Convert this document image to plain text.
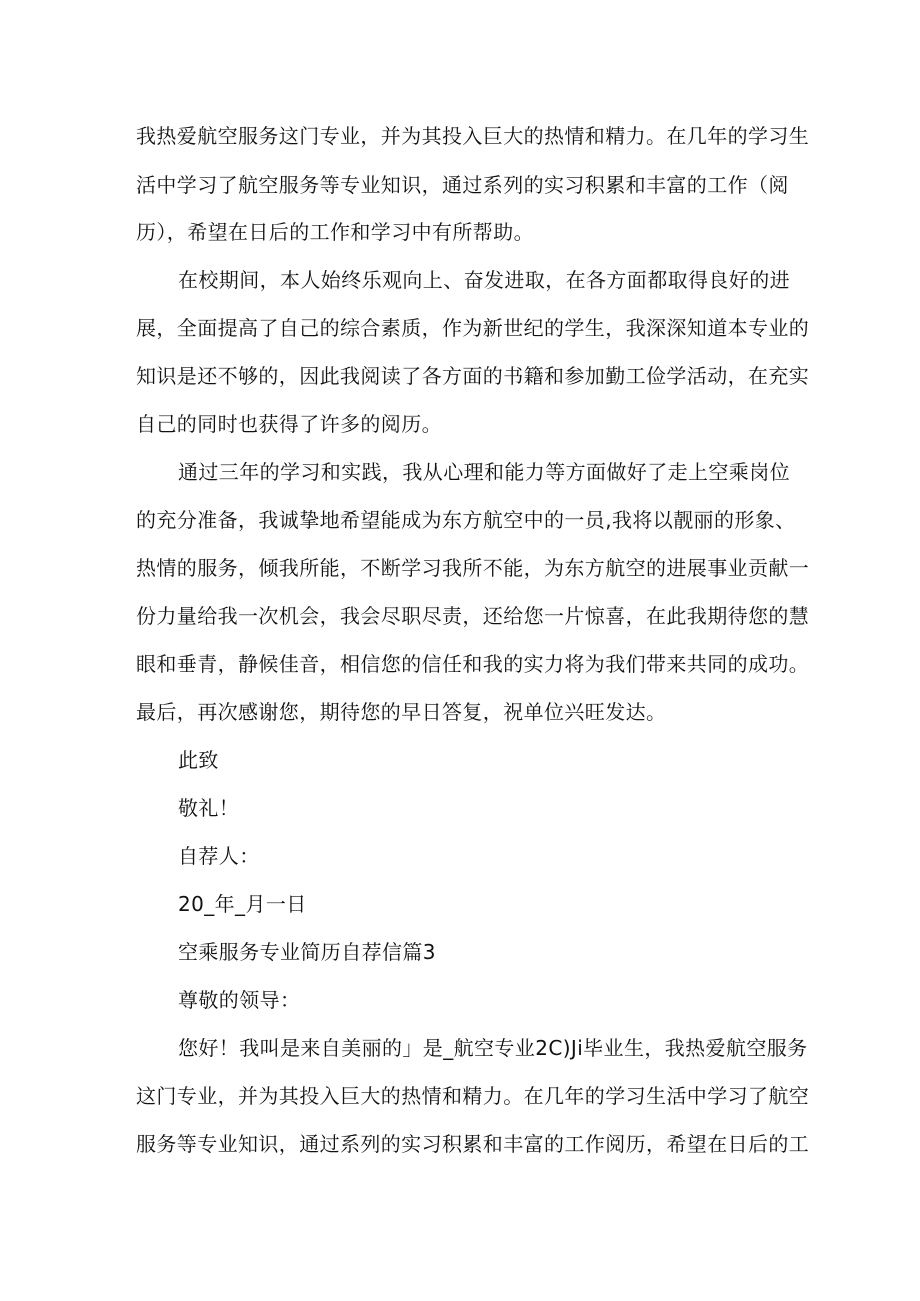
我热爱航空服务这门专业，并为其投入巨大的热情和精力。在几年的学习生
活中学习了航空服务等专业知识，通过系列的实习积累和丰富的工作（阅
历），希望在日后的工作和学习中有所帮助。
在校期间，本人始终乐观向上、奋发进取，在各方面都取得良好的进
展，全面提高了自己的综合素质，作为新世纪的学生，我深深知道本专业的
知识是还不够的，因此我阅读了各方面的书籍和参加勤工俭学活动，在充实
自己的同时也获得了许多的阅历。
通过三年的学习和实践，我从心理和能力等方面做好了走上空乘岗位
的充分准备，我诚挚地希望能成为东方航空中的一员,我将以靓丽的形象、
热情的服务，倾我所能，不断学习我所不能，为东方航空的进展事业贡献一
份力量给我一次机会，我会尽职尽责，还给您一片惊喜，在此我期待您的慧
眼和垂青，静候佳音，相信您的信任和我的实力将为我们带来共同的成功。
最后，再次感谢您，期待您的早日答复，祝单位兴旺发达。
此致
敬礼！
自荐人：
20_年_月一日
空乘服务专业简历自荐信篇3
尊敬的领导：
您好！我叫是来自美丽的」是_航空专业2C)Ji毕业生，我热爱航空服务
这门专业，并为其投入巨大的热情和精力。在几年的学习生活中学习了航空
服务等专业知识，通过系列的实习积累和丰富的工作阅历，希望在日后的工
